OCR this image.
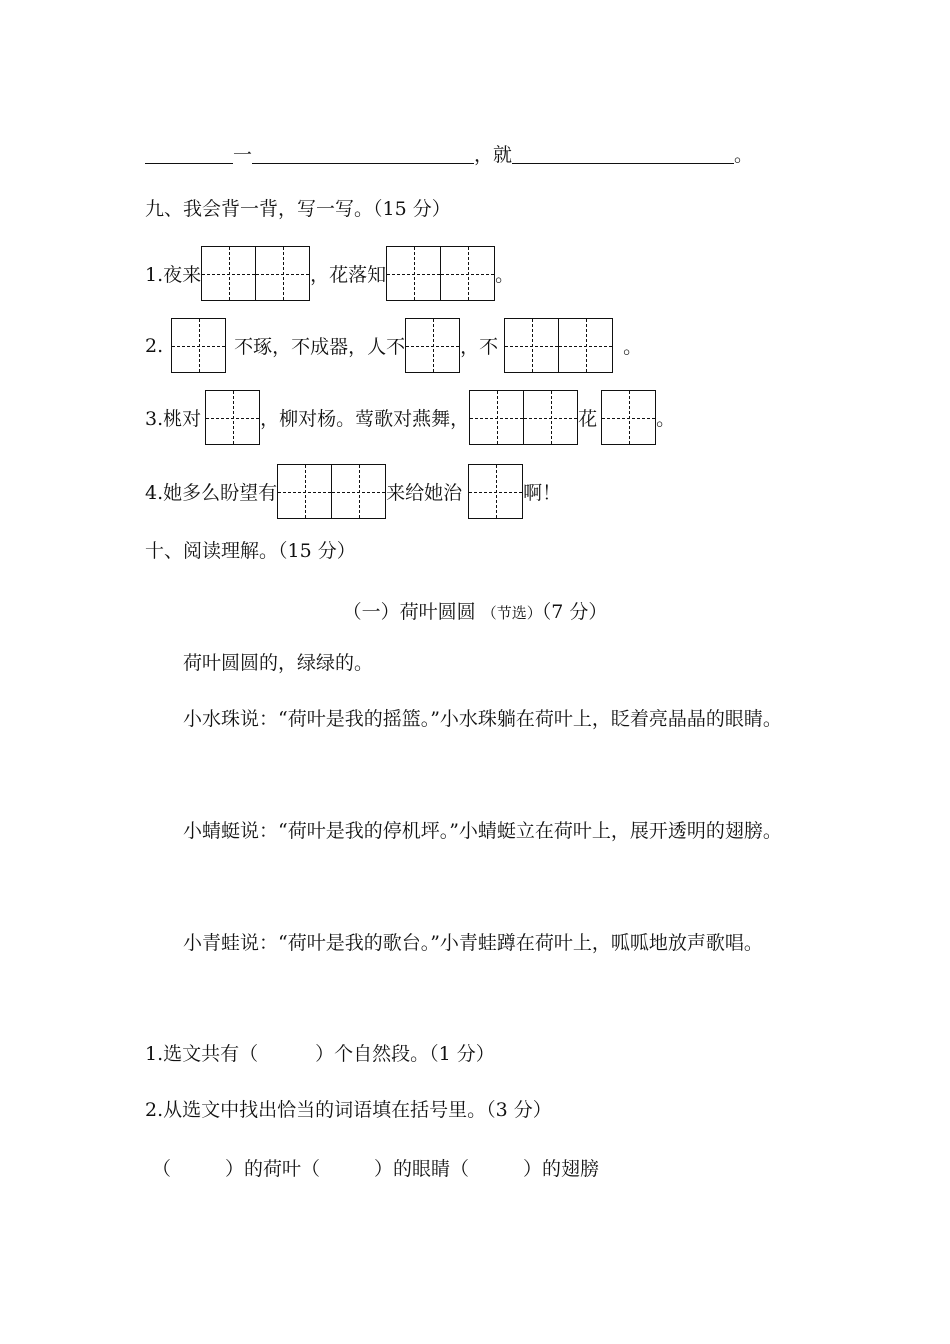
一	，就	。
九、我会背一背，写一写。（15 分）
1.夜来	，花落知	。
2.	不琢，不成器，人不	，不	。
3.桃对	，柳对杨。莺歌对燕舞，	花	。
4.她多么盼望有	来给她治	啊！
十、阅读理解。（15 分）
（一）荷叶圆圆 （节选）（7 分）
荷叶圆圆的，绿绿的。
小水珠说：“荷叶是我的摇篮。”小水珠躺在荷叶上，眨着亮晶晶的眼睛。
小蜻蜓说：“荷叶是我的停机坪。”小蜻蜓立在荷叶上，展开透明的翅膀。
小青蛙说：“荷叶是我的歌台。”小青蛙蹲在荷叶上，呱呱地放声歌唱。
1.选文共有（　　　）个自然段。（1 分）
2.从选文中找出恰当的词语填在括号里。（3 分）
（	）的荷叶（	）的眼睛（	）的翅膀
